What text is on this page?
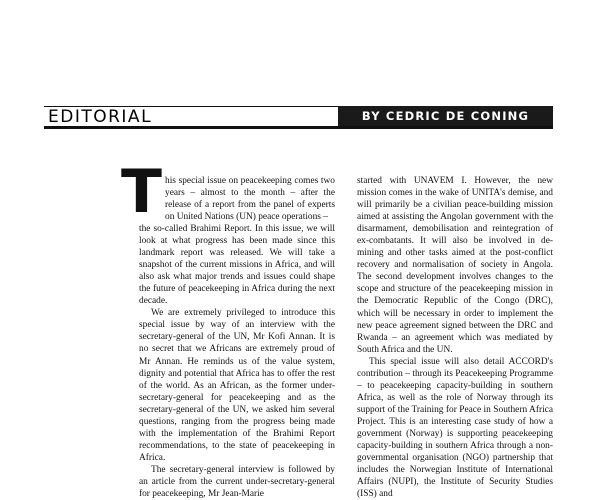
EDITORIAL	BY CEDRIC DE CONING
T his special issue on peacekeeping comes two years – almost to the month – after the release of a report from the panel of experts on United Nations (UN) peace operations –

the so-called Brahimi Report. In this issue, we will look at what progress has been made since this landmark report was released. We will take a snapshot of the current missions in Africa, and will also ask what major trends and issues could shape the future of peacekeeping in Africa during the next decade.

We are extremely privileged to introduce this special issue by way of an interview with the secretary-general of the UN, Mr Kofi Annan. It is no secret that we Africans are extremely proud of Mr Annan. He reminds us of the value system, dignity and potential that Africa has to offer the rest of the world. As an African, as the former under-secretary-general for peacekeeping and as the secretary-general of the UN, we asked him several questions, ranging from the progress being made with the implementation of the Brahimi Report recommendations, to the state of peacekeeping in Africa.

The secretary-general interview is followed by an article from the current under-secretary-general for peacekeeping, Mr Jean-Marie

started with UNAVEM I. However, the new mission comes in the wake of UNITA's demise, and will primarily be a civilian peace-building mission aimed at assisting the Angolan government with the disarmament, demobilisation and reintegration of ex-combatants. It will also be involved in de-mining and other tasks aimed at the post-conflict recovery and normalisation of society in Angola. The second development involves changes to the scope and structure of the peacekeeping mission in the Democratic Republic of the Congo (DRC), which will be necessary in order to implement the new peace agreement signed between the DRC and Rwanda – an agreement which was mediated by South Africa and the UN.

This special issue will also detail ACCORD's contribution – through its Peacekeeping Programme – to peacekeeping capacity-building in southern Africa, as well as the role of Norway through its support of the Training for Peace in Southern Africa Project. This is an interesting case study of how a government (Norway) is supporting peacekeeping capacity-building in southern Africa through a non-governmental organisation (NGO) partnership that includes the Norwegian Institute of International Affairs (NUPI), the Institute of Security Studies (ISS) and
